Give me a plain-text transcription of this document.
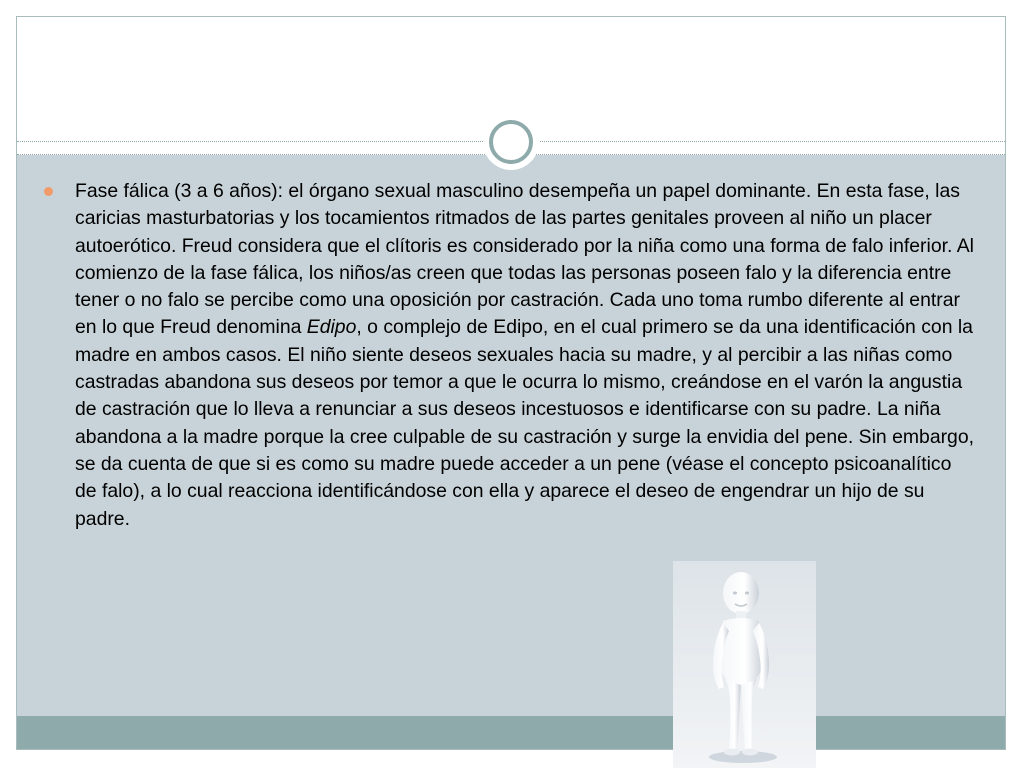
Fase fálica (3 a 6 años): el órgano sexual masculino desempeña un papel dominante. En esta fase, las caricias masturbatorias y los tocamientos ritmados de las partes genitales proveen al niño un placer autoerótico. Freud considera que el clítoris es considerado por la niña como una forma de falo inferior. Al comienzo de la fase fálica, los niños/as creen que todas las personas poseen falo y la diferencia entre tener o no falo se percibe como una oposición por castración. Cada uno toma rumbo diferente al entrar en lo que Freud denomina Edipo, o complejo de Edipo, en el cual primero se da una identificación con la madre en ambos casos. El niño siente deseos sexuales hacia su madre, y al percibir a las niñas como castradas abandona sus deseos por temor a que le ocurra lo mismo, creándose en el varón la angustia de castración que lo lleva a renunciar a sus deseos incestuosos e identificarse con su padre. La niña abandona a la madre porque la cree culpable de su castración y surge la envidia del pene. Sin embargo, se da cuenta de que si es como su madre puede acceder a un pene (véase el concepto psicoanalítico de falo), a lo cual reacciona identificándose con ella y aparece el deseo de engendrar un hijo de su padre.
